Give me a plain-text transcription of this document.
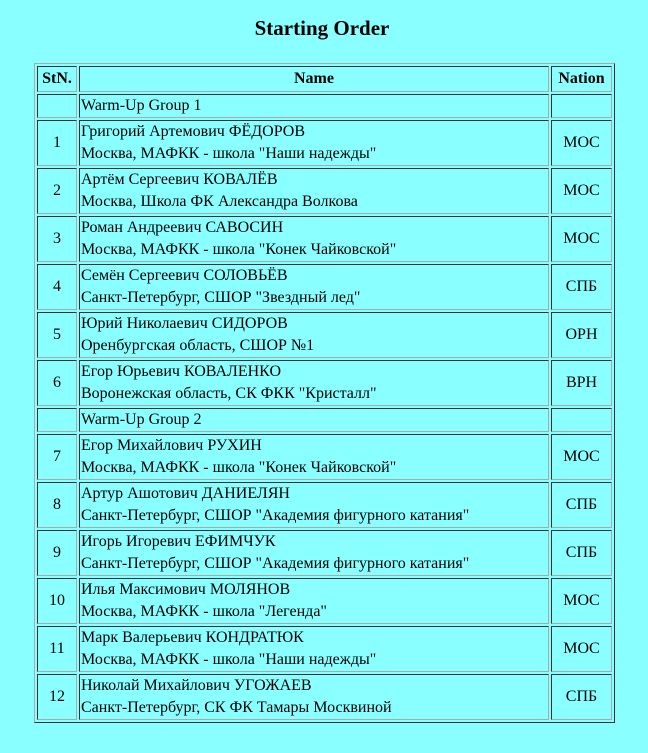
Starting Order
StN.	Name	Nation
	Warm-Up Group 1	
1	Григорий Артемович ФЁДОРОВ
Москва, МАФКК - школа "Наши надежды"	MOC
2	Артём Сергеевич КОВАЛЁВ
Москва, Школа ФК Александра Волкова	MOC
3	Роман Андреевич САВОСИН
Москва, МАФКК - школа "Конек Чайковской"	MOC
4	Семён Сергеевич СОЛОВЬЁВ
Санкт-Петербург, СШОР "Звездный лед"	СПБ
5	Юрий Николаевич СИДОРОВ
Оренбургская область, СШОР №1	OPH
6	Егор Юрьевич КОВАЛЕНКО
Воронежская область, СК ФКК "Кристалл"	BPH
	Warm-Up Group 2	
7	Егор Михайлович РУХИН
Москва, МАФКК - школа "Конек Чайковской"	MOC
8	Артур Ашотович ДАНИЕЛЯН
Санкт-Петербург, СШОР "Академия фигурного катания"	СПБ
9	Игорь Игоревич ЕФИМЧУК
Санкт-Петербург, СШОР "Академия фигурного катания"	СПБ
10	Илья Максимович МОЛЯНОВ
Москва, МАФКК - школа "Легенда"	MOC
11	Марк Валерьевич КОНДРАТЮК
Москва, МАФКК - школа "Наши надежды"	MOC
12	Николай Михайлович УГОЖАЕВ
Санкт-Петербург, СК ФК Тамары Москвиной	СПБ
